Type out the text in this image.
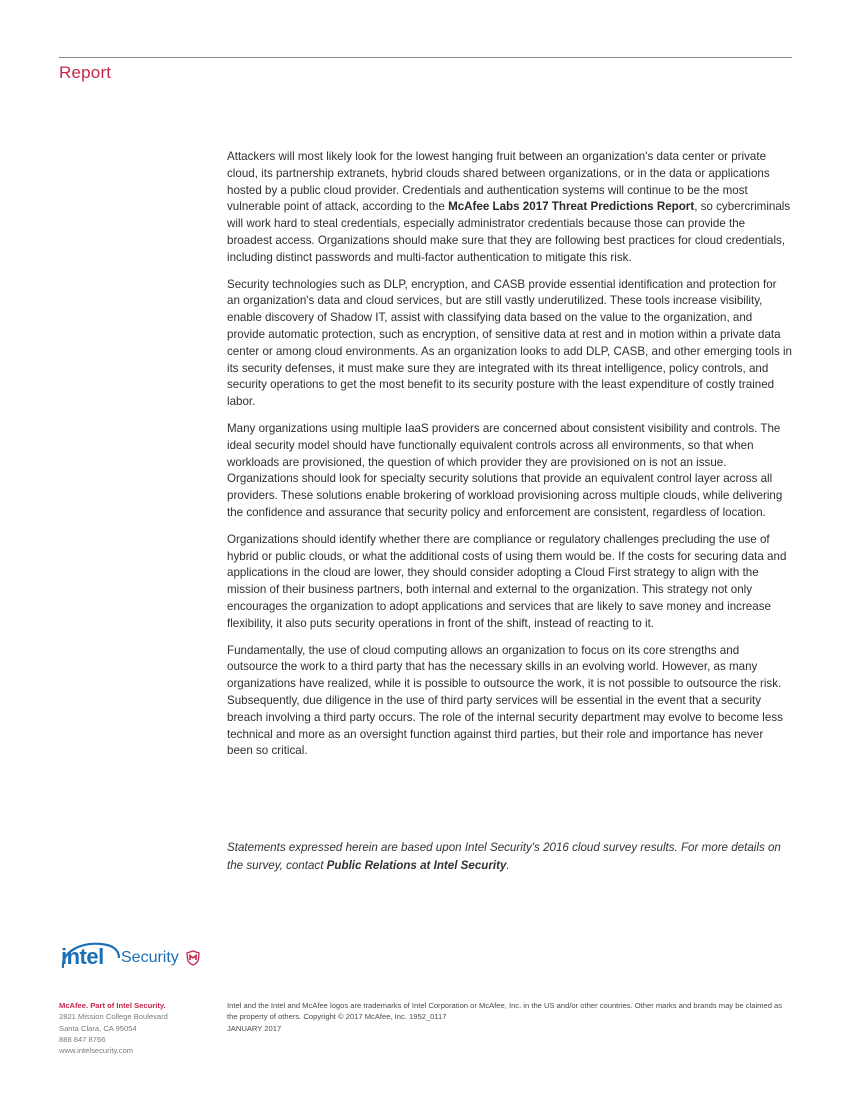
Report

Attackers will most likely look for the lowest hanging fruit between an organization's data center or private cloud, its partnership extranets, hybrid clouds shared between organizations, or in the data or applications hosted by a public cloud provider. Credentials and authentication systems will continue to be the most vulnerable point of attack, according to the McAfee Labs 2017 Threat Predictions Report, so cybercriminals will work hard to steal credentials, especially administrator credentials because those can provide the broadest access. Organizations should make sure that they are following best practices for cloud credentials, including distinct passwords and multi-factor authentication to mitigate this risk.

Security technologies such as DLP, encryption, and CASB provide essential identification and protection for an organization's data and cloud services, but are still vastly underutilized. These tools increase visibility, enable discovery of Shadow IT, assist with classifying data based on the value to the organization, and provide automatic protection, such as encryption, of sensitive data at rest and in motion within a private data center or among cloud environments. As an organization looks to add DLP, CASB, and other emerging tools in its security defenses, it must make sure they are integrated with its threat intelligence, policy controls, and security operations to get the most benefit to its security posture with the least expenditure of costly trained labor.

Many organizations using multiple IaaS providers are concerned about consistent visibility and controls. The ideal security model should have functionally equivalent controls across all environments, so that when workloads are provisioned, the question of which provider they are provisioned on is not an issue. Organizations should look for specialty security solutions that provide an equivalent control layer across all providers. These solutions enable brokering of workload provisioning across multiple clouds, while delivering the confidence and assurance that security policy and enforcement are consistent, regardless of location.

Organizations should identify whether there are compliance or regulatory challenges precluding the use of hybrid or public clouds, or what the additional costs of using them would be. If the costs for securing data and applications in the cloud are lower, they should consider adopting a Cloud First strategy to align with the mission of their business partners, both internal and external to the organization. This strategy not only encourages the organization to adopt applications and services that are likely to save money and increase flexibility, it also puts security operations in front of the shift, instead of reacting to it.

Fundamentally, the use of cloud computing allows an organization to focus on its core strengths and outsource the work to a third party that has the necessary skills in an evolving world. However, as many organizations have realized, while it is possible to outsource the work, it is not possible to outsource the risk. Subsequently, due diligence in the use of third party services will be essential in the event that a security breach involving a third party occurs. The role of the internal security department may evolve to become less technical and more as an oversight function against third parties, but their role and importance has never been so critical.

Statements expressed herein are based upon Intel Security's 2016 cloud survey results. For more details on the survey, contact Public Relations at Intel Security.

intel Security
McAfee. Part of Intel Security.
2821 Mission College Boulevard
Santa Clara, CA 95054
888 847 8766
www.intelsecurity.com
Intel and the Intel and McAfee logos are trademarks of Intel Corporation or McAfee, Inc. in the US and/or other countries. Other marks and brands may be claimed as the property of others. Copyright © 2017 McAfee, Inc. 1952_0117
JANUARY 2017
